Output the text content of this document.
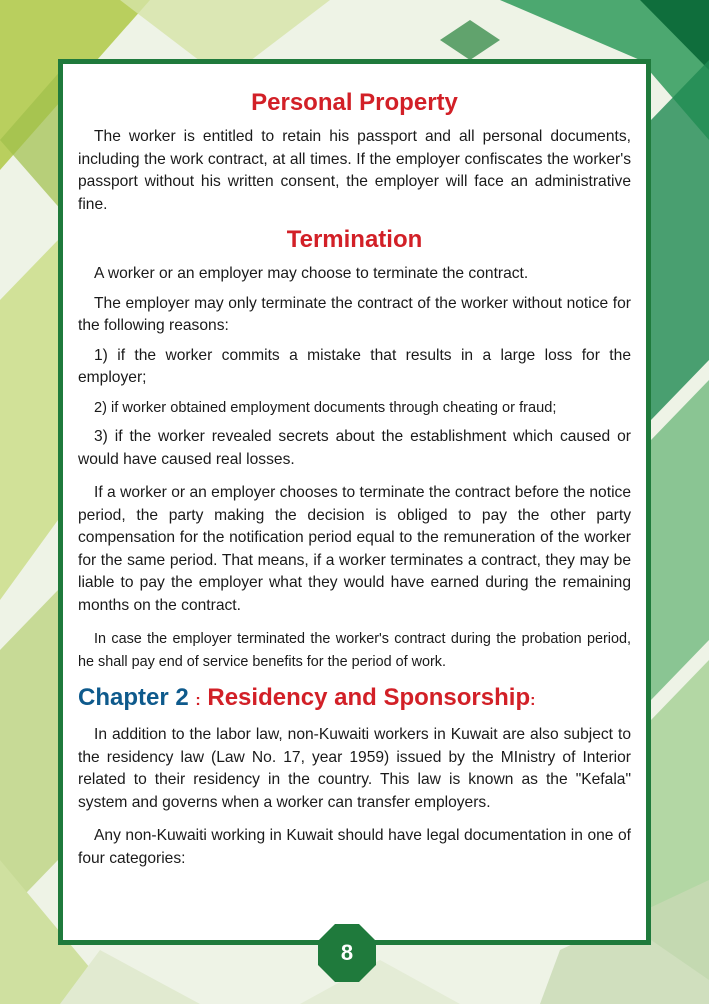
Personal Property

The worker is entitled to retain his passport and all personal documents, including the work contract, at all times. If the employer confiscates the worker's passport without his written consent, the employer will face an administrative fine.

Termination

A worker or an employer may choose to terminate the contract.

The employer may only terminate the contract of the worker without notice for the following reasons:

1) if the worker commits a mistake that results in a large loss for the employer;

2) if worker obtained employment documents through cheating or fraud;

3) if the worker revealed secrets about the establishment which caused or would have caused real losses.

If a worker or an employer chooses to terminate the contract before the notice period, the party making the decision is obliged to pay the other party compensation for the notification period equal to the remuneration of the worker for the same period. That means, if a worker terminates a contract, they may be liable to pay the employer what they would have earned during the remaining months on the contract.

In case the employer terminated the worker's contract during the probation period, he shall pay end of service benefits for the period of work.

Chapter 2 : Residency and Sponsorship:

In addition to the labor law, non-Kuwaiti workers in Kuwait are also subject to the residency law (Law No. 17, year 1959) issued by the MInistry of Interior related to their residency in the country. This law is known as the "Kefala" system and governs when a worker can transfer employers.

Any non-Kuwaiti working in Kuwait should have legal documentation in one of four categories:

8
